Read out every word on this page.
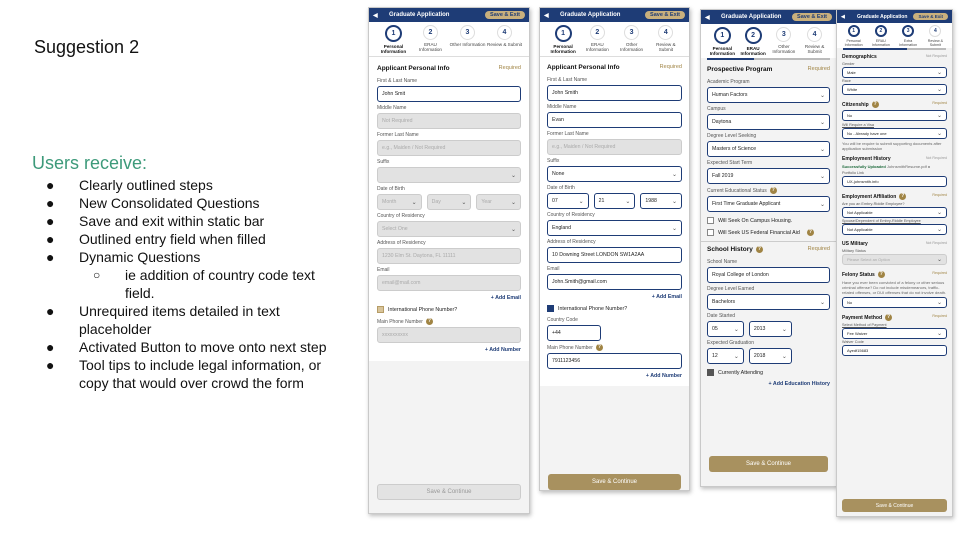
Suggestion 2
Users receive:
●	Clearly outlined steps
●	New Consolidated Questions
●	Save and exit within static bar
●	Outlined entry field when filled
●	Dynamic Questions
○	ie addition of country code text field.
●	Unrequired items detailed in text placeholder
●	Activated Button to move onto next step
●	Tool tips to include legal information, or copy that would over crowd the form
◀	Graduate Application	Save & Exit
1
Personal Information
2
ERAU Information
3
Other Information
4
Review & Submit
Applicant Personal Info	Required
First & Last Name
John Smit
Middle Name
Not Required
Former Last Name
e.g., Maiden / Not Required
Suffix
⌄
Date of Birth
Month	⌄	Day	⌄	Year	⌄
Country of Residency
Select One	⌄
Address of Residency
1230 Elm St. Daytona, FL 11111
Email
email@mail.com
+ Add Email
International Phone Number?
Main Phone Number ?
xxxxxxxxxx
+ Add Number
Save & Continue
◀	Graduate Application	Save & Exit
1
Personal Information
2
ERAU Information
3
Other Information
4
Review & Submit
Applicant Personal Info	Required
First & Last Name
John Smith
Middle Name
Evan
Former Last Name
e.g., Maiden / Not Required
Suffix
None	⌄
Date of Birth
07	⌄	21	⌄	1988	⌄
Country of Residency
England	⌄
Address of Residency
10 Downing Street LONDON SW1A2AA
Email
John.Smith@gmail.com
+ Add Email
International Phone Number?
Country Code
+44
Main Phone Number ?
7911123456
+ Add Number
Save & Continue
◀	Graduate Application	Save & Exit
1
Personal Information
2
ERAU Information
3
Other Information
4
Review & Submit
Prospective Program	Required
Academic Program
Human Factors	⌄
Campus
Daytona	⌄
Degree Level Seeking
Masters of Science	⌄
Expected Start Term
Fall 2019	⌄
Current Educational Status ?
First Time Graduate Applicant	⌄
Will Seek On Campus Housing.
Will Seek US Federal Financial Aid	?
School History ?	Required
School Name
Royal College of London
Degree Level Earned
Bachelors	⌄
Date Started
05	⌄	2013	⌄
Expected Graduation
12	⌄	2018	⌄
Currently Attending
+ Add Education History
Save & Continue
◀	Graduate Application	Save & Exit
1
Personal Information
2
ERAU Information
3
Extra Information
4
Review & Submit
Demographics	Not Required
Gender
Male	⌄
Race
White	⌄
Citizenship ?	Required
No	⌄
Will Require a Visa
No - Already have one	⌄
You will be require to submit supporting documents after application submission
Employment History	Not Required
Successfully Uploaded JohnsmithResume.pdf x
Portfolio Link
UX-johnsmith.info
Employment Affiliation ?	Required
Are you an Embry-Riddle Employee?
Not Applicable	⌄
Spouse/Dependent of Embry-Riddle Employee
Not Applicable	⌄
US Military	Not Required
Military Status
Please Select an Option	⌄
Felony Status ?	Required
Have you ever been convicted of a felony or other serious criminal offense? Do not include misdemeanors, traffic-related offenses, or DUI offenses that do not involve death.
No	⌄
Payment Method ?	Required
Select Method of Payment
Fee Waiver	⌄
Waiver Code
Ayedf15683
Save & Continue
